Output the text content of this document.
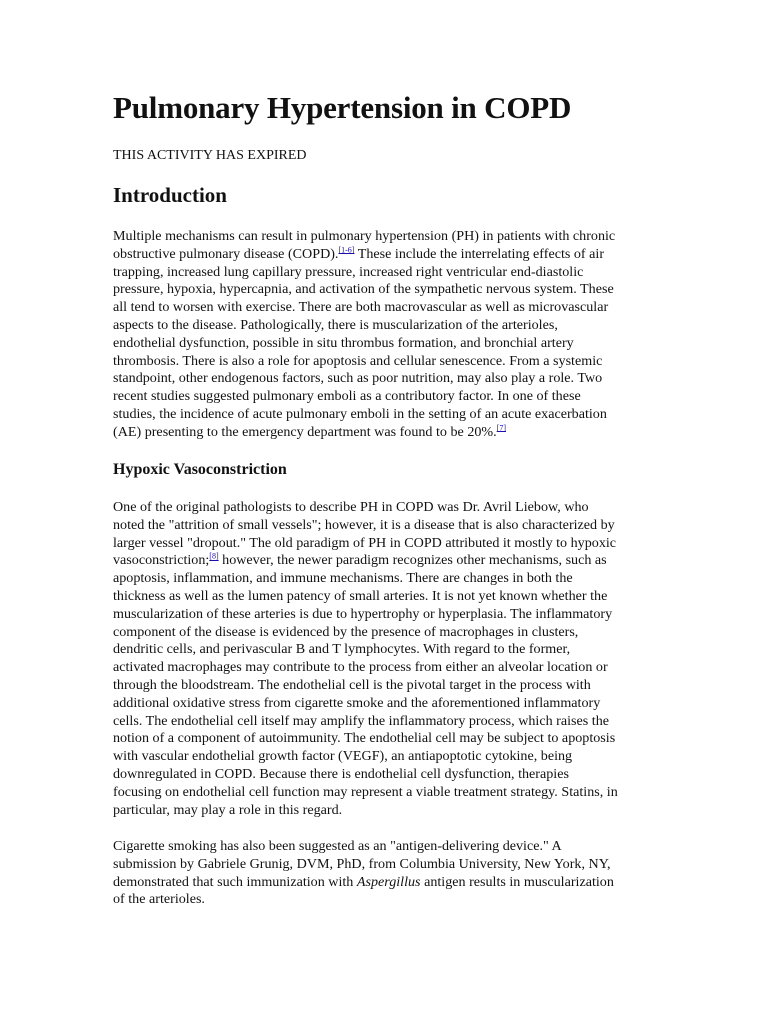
Pulmonary Hypertension in COPD

THIS ACTIVITY HAS EXPIRED

Introduction

Multiple mechanisms can result in pulmonary hypertension (PH) in patients with chronic
obstructive pulmonary disease (COPD).[1-6] These include the interrelating effects of air
trapping, increased lung capillary pressure, increased right ventricular end-diastolic
pressure, hypoxia, hypercapnia, and activation of the sympathetic nervous system. These
all tend to worsen with exercise. There are both macrovascular as well as microvascular
aspects to the disease. Pathologically, there is muscularization of the arterioles,
endothelial dysfunction, possible in situ thrombus formation, and bronchial artery
thrombosis. There is also a role for apoptosis and cellular senescence. From a systemic
standpoint, other endogenous factors, such as poor nutrition, may also play a role. Two
recent studies suggested pulmonary emboli as a contributory factor. In one of these
studies, the incidence of acute pulmonary emboli in the setting of an acute exacerbation
(AE) presenting to the emergency department was found to be 20%.[7]

Hypoxic Vasoconstriction

One of the original pathologists to describe PH in COPD was Dr. Avril Liebow, who
noted the "attrition of small vessels"; however, it is a disease that is also characterized by
larger vessel "dropout." The old paradigm of PH in COPD attributed it mostly to hypoxic
vasoconstriction;[8] however, the newer paradigm recognizes other mechanisms, such as
apoptosis, inflammation, and immune mechanisms. There are changes in both the
thickness as well as the lumen patency of small arteries. It is not yet known whether the
muscularization of these arteries is due to hypertrophy or hyperplasia. The inflammatory
component of the disease is evidenced by the presence of macrophages in clusters,
dendritic cells, and perivascular B and T lymphocytes. With regard to the former,
activated macrophages may contribute to the process from either an alveolar location or
through the bloodstream. The endothelial cell is the pivotal target in the process with
additional oxidative stress from cigarette smoke and the aforementioned inflammatory
cells. The endothelial cell itself may amplify the inflammatory process, which raises the
notion of a component of autoimmunity. The endothelial cell may be subject to apoptosis
with vascular endothelial growth factor (VEGF), an antiapoptotic cytokine, being
downregulated in COPD. Because there is endothelial cell dysfunction, therapies
focusing on endothelial cell function may represent a viable treatment strategy. Statins, in
particular, may play a role in this regard.

Cigarette smoking has also been suggested as an "antigen-delivering device." A
submission by Gabriele Grunig, DVM, PhD, from Columbia University, New York, NY,
demonstrated that such immunization with Aspergillus antigen results in muscularization
of the arterioles.
